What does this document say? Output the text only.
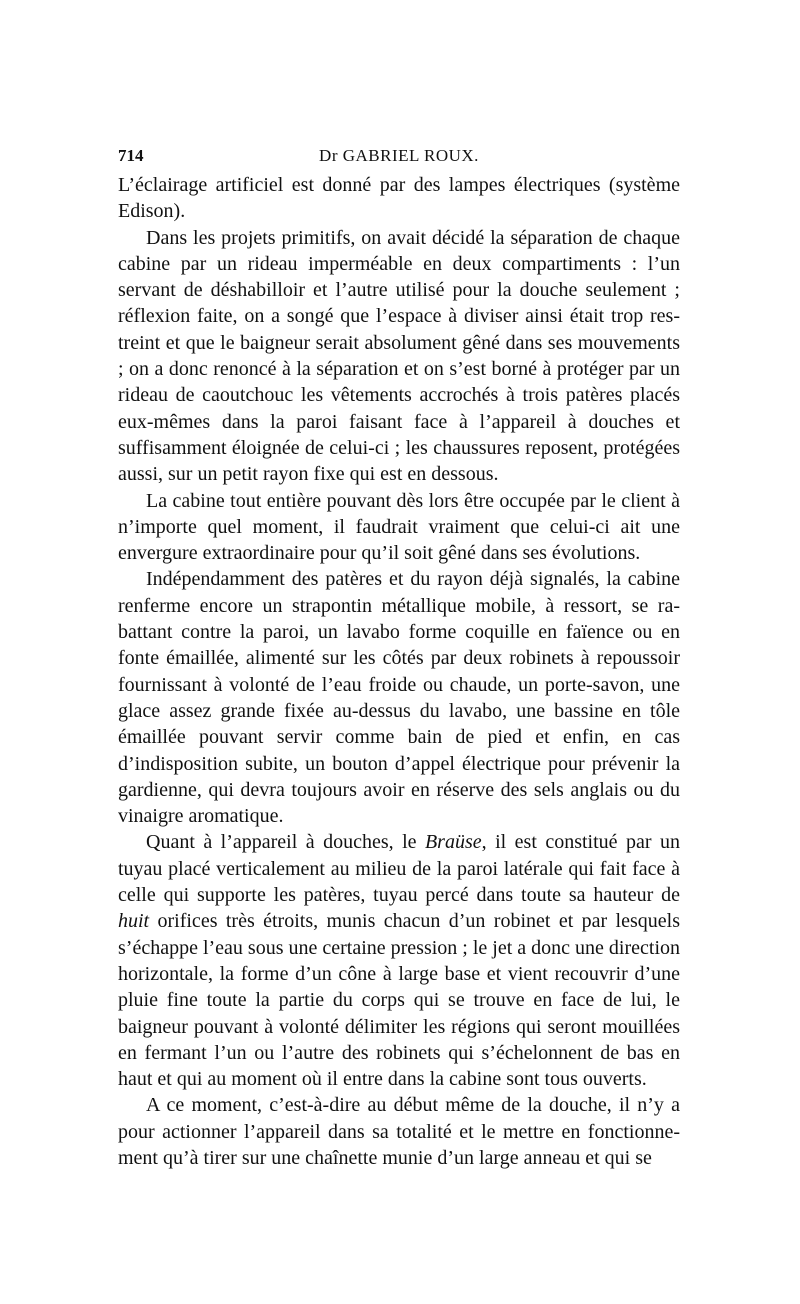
714	Dr GABRIEL ROUX.

L’éclairage artificiel est donné par des lampes électriques (système Edison).

Dans les projets primitifs, on avait décidé la séparation de chaque cabine par un rideau imperméable en deux compartiments : l’un servant de déshabilloir et l’autre utilisé pour la douche seulement ; réflexion faite, on a songé que l’espace à diviser ainsi était trop restreint et que le baigneur serait absolument gêné dans ses mouvements ; on a donc renoncé à la séparation et on s’est borné à protéger par un rideau de caoutchouc les vêtements accrochés à trois patères placés eux-mêmes dans la paroi faisant face à l’appareil à douches et suffisamment éloignée de celui-ci ; les chaussures reposent, protégées aussi, sur un petit rayon fixe qui est en dessous.

La cabine tout entière pouvant dès lors être occupée par le client à n’importe quel moment, il faudrait vraiment que celui-ci ait une envergure extraordinaire pour qu’il soit gêné dans ses évolutions.

Indépendamment des patères et du rayon déjà signalés, la cabine renferme encore un strapontin métallique mobile, à ressort, se rabattant contre la paroi, un lavabo forme coquille en faïence ou en fonte émaillée, alimenté sur les côtés par deux robinets à repoussoir fournissant à volonté de l’eau froide ou chaude, un porte-savon, une glace assez grande fixée au-dessus du lavabo, une bassine en tôle émaillée pouvant servir comme bain de pied et enfin, en cas d’indisposition subite, un bouton d’appel électrique pour prévenir la gardienne, qui devra toujours avoir en réserve des sels anglais ou du vinaigre aromatique.

Quant à l’appareil à douches, le Braüse, il est constitué par un tuyau placé verticalement au milieu de la paroi latérale qui fait face à celle qui supporte les patères, tuyau percé dans toute sa hauteur de huit orifices très étroits, munis chacun d’un robinet et par lesquels s’échappe l’eau sous une certaine pression ; le jet a donc une direction horizontale, la forme d’un cône à large base et vient recouvrir d’une pluie fine toute la partie du corps qui se trouve en face de lui, le baigneur pouvant à volonté délimiter les régions qui seront mouillées en fermant l’un ou l’autre des robinets qui s’échelonnent de bas en haut et qui au moment où il entre dans la cabine sont tous ouverts.

A ce moment, c’est-à-dire au début même de la douche, il n’y a pour actionner l’appareil dans sa totalité et le mettre en fonctionnement qu’à tirer sur une chaînette munie d’un large anneau et qui se
